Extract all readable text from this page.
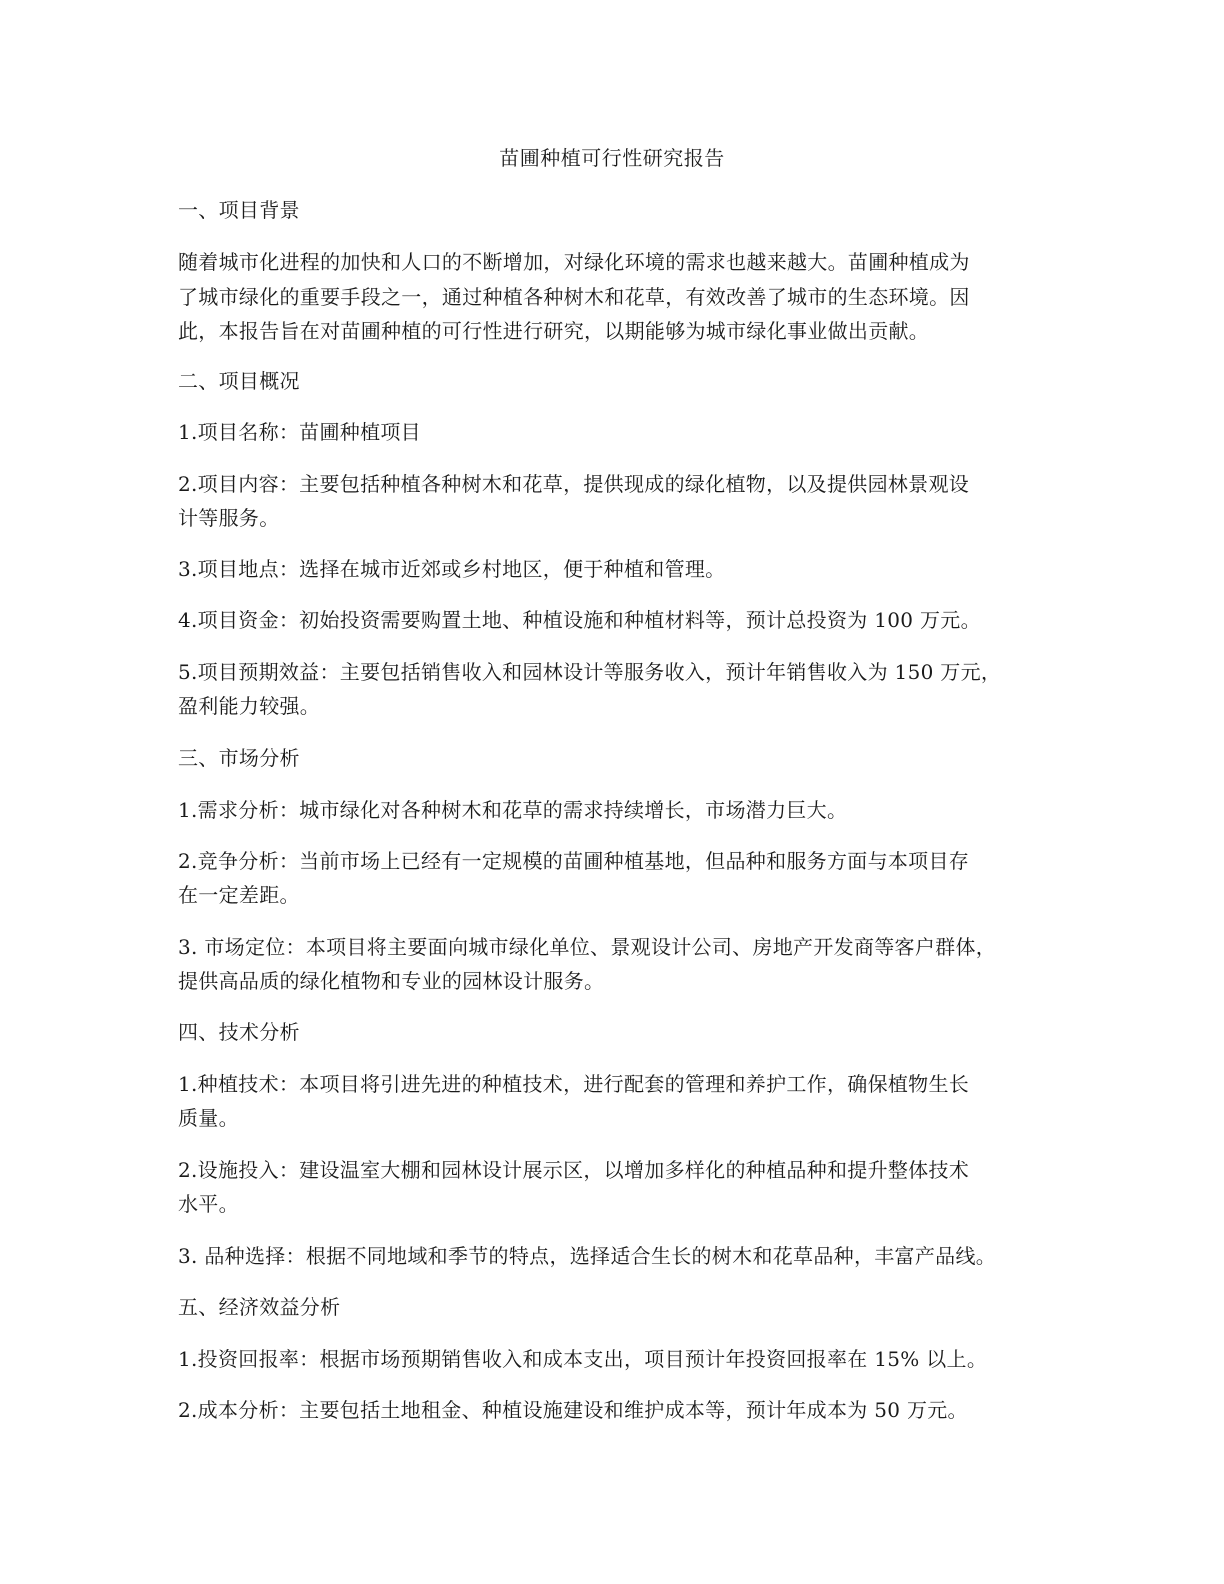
苗圃种植可行性研究报告
一、项目背景
随着城市化进程的加快和人口的不断增加，对绿化环境的需求也越来越大。苗圃种植成为
了城市绿化的重要手段之一，通过种植各种树木和花草，有效改善了城市的生态环境。因
此，本报告旨在对苗圃种植的可行性进行研究，以期能够为城市绿化事业做出贡献。
二、项目概况
1.项目名称：苗圃种植项目
2.项目内容：主要包括种植各种树木和花草，提供现成的绿化植物，以及提供园林景观设
计等服务。
3.项目地点：选择在城市近郊或乡村地区，便于种植和管理。
4.项目资金：初始投资需要购置土地、种植设施和种植材料等，预计总投资为 100 万元。
5.项目预期效益：主要包括销售收入和园林设计等服务收入，预计年销售收入为 150 万元，
盈利能力较强。
三、市场分析
1.需求分析：城市绿化对各种树木和花草的需求持续增长，市场潜力巨大。
2.竞争分析：当前市场上已经有一定规模的苗圃种植基地，但品种和服务方面与本项目存
在一定差距。
3. 市场定位：本项目将主要面向城市绿化单位、景观设计公司、房地产开发商等客户群体，
提供高品质的绿化植物和专业的园林设计服务。
四、技术分析
1.种植技术：本项目将引进先进的种植技术，进行配套的管理和养护工作，确保植物生长
质量。
2.设施投入：建设温室大棚和园林设计展示区，以增加多样化的种植品种和提升整体技术
水平。
3. 品种选择：根据不同地域和季节的特点，选择适合生长的树木和花草品种，丰富产品线。
五、经济效益分析
1.投资回报率：根据市场预期销售收入和成本支出，项目预计年投资回报率在 15% 以上。
2.成本分析：主要包括土地租金、种植设施建设和维护成本等，预计年成本为 50 万元。
